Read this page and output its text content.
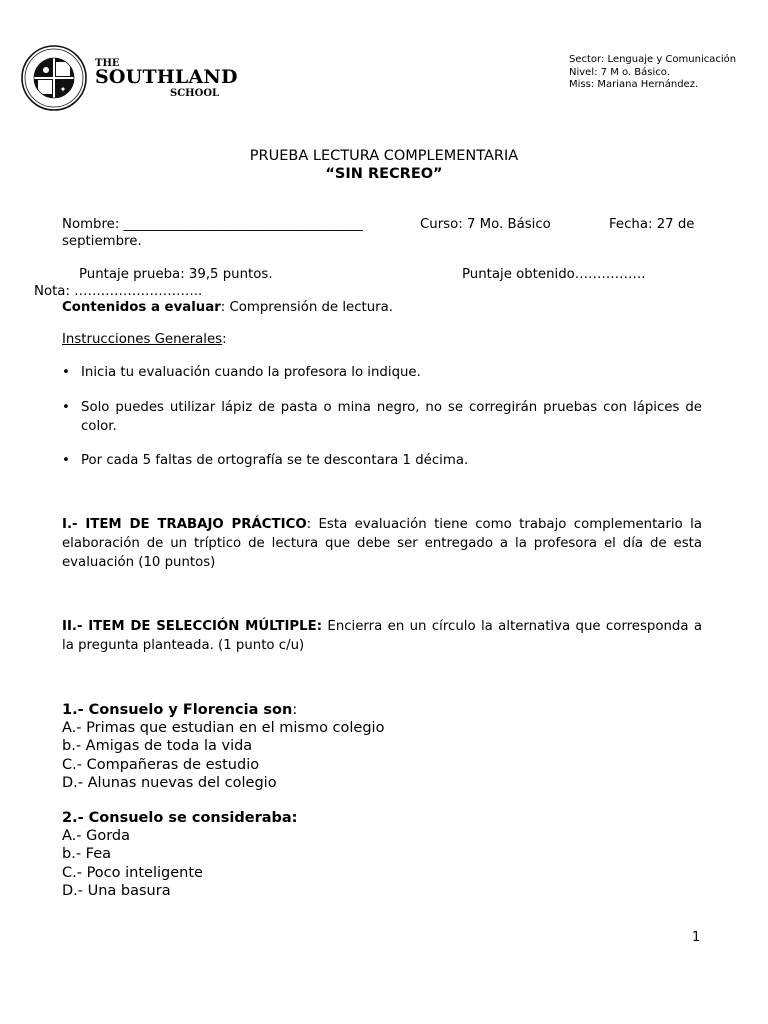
✦
THE
SOUTHLAND
SCHOOL
Sector: Lenguaje y Comunicación
Nivel: 7 M o. Básico.
Miss: Mariana Hernández.
PRUEBA LECTURA COMPLEMENTARIA
“SIN RECREO”
Nombre: ____________________________________	Curso: 7 Mo. Básico	Fecha: 27 de
septiembre.
Puntaje prueba: 39,5 puntos.	Puntaje obtenido…………….
Nota: ………………………..
Contenidos a evaluar: Comprensión de lectura.
Instrucciones Generales:
• Inicia tu evaluación cuando la profesora lo indique.
• Solo puedes utilizar lápiz de pasta o mina negro, no se corregirán pruebas con lápices de color.
• Por cada 5 faltas de ortografía se te descontara 1 décima.
I.- ITEM DE TRABAJO PRÁCTICO: Esta evaluación tiene como trabajo complementario la elaboración de un tríptico de lectura que debe ser entregado a la profesora el día de esta evaluación (10 puntos)
II.- ITEM DE SELECCIÓN MÚLTIPLE: Encierra en un círculo la alternativa que corresponda a la pregunta planteada. (1 punto c/u)
1.- Consuelo y Florencia son:
A.- Primas que estudian en el mismo colegio
b.- Amigas de toda la vida
C.- Compañeras de estudio
D.- Alunas nuevas del colegio
2.- Consuelo se consideraba:
A.- Gorda
b.- Fea
C.- Poco inteligente
D.- Una basura
1
